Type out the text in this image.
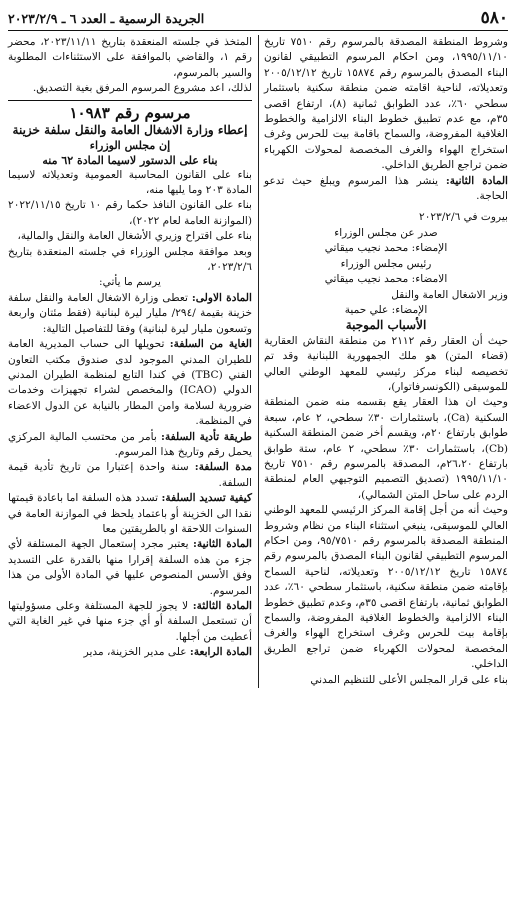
٥٨٠
الجريدة الرسمية ـ العدد ٦ ـ ٢٠٢٣/٢/٩

وشروط المنطقة المصدقة بالمرسوم رقم ٧٥١٠ تاريخ ١٩٩٥/١١/١٠، ومن احكام المرسوم التطبيقي لقانون البناء المصدق بالمرسوم رقم ١٥٨٧٤ تاريخ ٢٠٠٥/١٢/١٢ وتعديلاته، لناحية اقامته ضمن منطقة سكنية باستثمار سطحي ٦٠٪، عدد الطوابق ثمانية (٨)، ارتفاع اقصى ٣٥م، مع عدم تطبيق خطوط البناء الالزامية والخطوط الغلافية المفروضة، والسماح باقامة بيت للحرس وغرف استخراج الهواء والغرف المخصصة لمحولات الكهرباء ضمن تراجع الطريق الداخلي.

المادة الثانية: ينشر هذا المرسوم ويبلغ حيث تدعو الحاجة.

بيروت في ٢٠٢٣/٢/٦

صدر عن مجلس الوزراء

الإمضاء: محمد نجيب ميقاتي

رئيس مجلس الوزراء

الامضاء: محمد نجيب ميقاتي

وزير الاشغال العامة والنقل

الإمضاء: علي حمية

الأسباب الموجبة

حيث أن العقار رقم ٢١١٢ من منطقة النقاش العقارية (قضاء المتن) هو ملك الجمهورية اللبنانية وقد تم تخصيصه لبناء مركز رئيسي للمعهد الوطني العالي للموسيقى (الكونسرفاتوار)،

وحيث ان هذا العقار يقع بقسمه منه ضمن المنطقة السكنية (Ca)، باستثمارات ٣٠٪ سطحي، ٢ عام، سبعة طوابق بارتفاع ٢٠م، ويقسم أخر ضمن المنطقة السكنية (Cb)، باستثمارات ٣٠٪ سطحي، ٢ عام، ستة طوابق بارتفاع ٢٦،٢٠م، المصدقة بالمرسوم رقم ٧٥١٠ تاريخ ١٩٩٥/١١/١٠ (تصديق التصميم التوجيهي العام لمنطقة الردم على ساحل المتن الشمالي)،

وحيث أنه من أجل إقامة المركز الرئيسي للمعهد الوطني العالي للموسيقى، ينبغي استثناء البناء من نظام وشروط المنطقة المصدقة بالمرسوم رقم ٩٥/٧٥١٠، ومن احكام المرسوم التطبيقي لقانون البناء المصدق بالمرسوم رقم ١٥٨٧٤ تاريخ ٢٠٠٥/١٢/١٢ وتعديلاته، لناحية السماح بإقامته ضمن منطقة سكنية، باستثمار سطحي ٦٠٪، عدد الطوابق ثمانية، بارتفاع اقصى ٣٥م، وعدم تطبيق خطوط البناء الالزامية والخطوط الغلافية المفروضة، والسماح بإقامة بيت للحرس وغرف استخراج الهواء والغرف المخصصة لمحولات الكهرباء ضمن تراجع الطريق الداخلي.

بناء على قرار المجلس الأعلى للتنظيم المدني

المتخذ في جلسته المنعقدة بتاريخ ٢٠٢٣/١١/١١، محضر رقم ١، والقاضي بالموافقة على الاستثناءات المطلوبة والسير بالمرسوم،

لذلك، اعد مشروع المرسوم المرفق بغية التصديق.

مرسوم رقم ١٠٩٨٣

إعطاء وزارة الاشغال العامة والنقل سلفة خزينة

إن مجلس الوزراء

بناء على الدستور لاسيما المادة ٦٢ منه

بناء على القانون المحاسبة العمومية وتعديلاته لاسيما المادة ٢٠٣ وما يليها منه،

بناء على القانون النافذ حكما رقم ١٠ تاريخ ٢٠٢٢/١١/١٥ (الموازنة العامة لعام ٢٠٢٢)،

بناء على اقتراح وزيري الأشغال العامة والنقل والمالية،

وبعد موافقة مجلس الوزراء في جلسته المنعقدة بتاريخ ٢٠٢٣/٢/٦،

يرسم ما يأتي:

المادة الاولى: تعطى وزارة الاشغال العامة والنقل سلفة خزينة بقيمة /٢٩٤/ مليار ليرة لبنانية (فقط مئتان واربعة وتسعون مليار ليرة لبنانية) وفقا للتفاصيل التالية:

الغاية من السلفة: تحويلها الى حساب المديرية العامة للطيران المدني الموجود لدى صندوق مكتب التعاون الفني (TBC) في كندا التابع لمنظمة الطيران المدني الدولي (ICAO) والمخصص لشراء تجهيزات وخدمات ضرورية لسلامة وامن المطار بالنيابة عن الدول الاعضاء في المنظمة.

طريقة تأدية السلفة: بأمر من محتسب المالية المركزي يحمل رقم وتاريخ هذا المرسوم.

مدة السلفة: سنة واحدة إعتبارا من تاريخ تأدية قيمة السلفة.

كيفية تسديد السلفة: تسدد هذه السلفة اما باعادة قيمتها نقدا الى الخزينة أو باعتماد يلحظ في الموازنة العامة في السنوات اللاحقة او بالطريقتين معا

المادة الثانية: يعتبر مجرد إستعمال الجهة المستلفة لأي جزء من هذه السلفة إقرارا منها بالقدرة على التسديد وفق الأسس المنصوص عليها في المادة الأولى من هذا المرسوم.

المادة الثالثة: لا يجوز للجهة المستلفة وعلى مسؤوليتها أن تستعمل السلفة أو أي جزء منها في غير الغاية التي أعطيت من أجلها.

المادة الرابعة: على مدير الخزينة، مدير
